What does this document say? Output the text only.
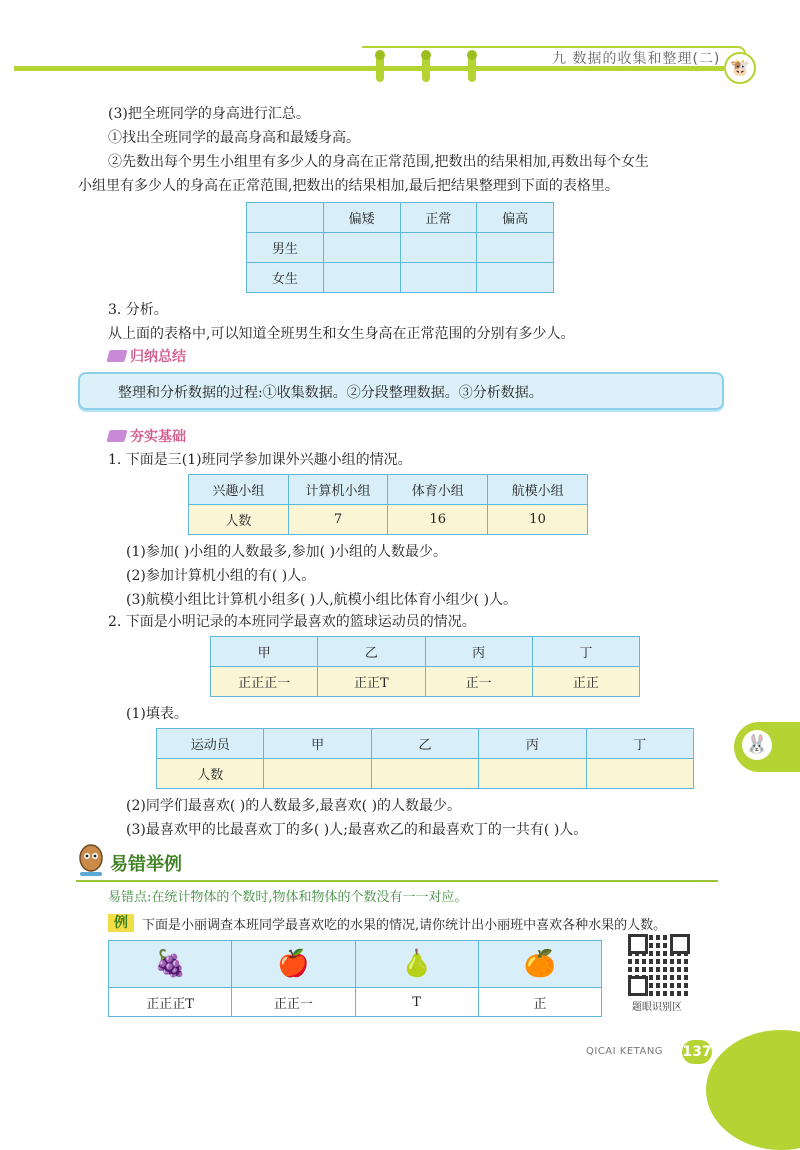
九 数据的收集和整理(二) 🐮
(3)把全班同学的身高进行汇总。
①找出全班同学的最高身高和最矮身高。
②先数出每个男生小组里有多少人的身高在正常范围,把数出的结果相加,再数出每个女生
小组里有多少人的身高在正常范围,把数出的结果相加,最后把结果整理到下面的表格里。
	偏矮	正常	偏高
男生			
女生			
3. 分析。
从上面的表格中,可以知道全班男生和女生身高在正常范围的分别有多少人。
归纳总结
整理和分析数据的过程:①收集数据。②分段整理数据。③分析数据。
夯实基础
1. 下面是三(1)班同学参加课外兴趣小组的情况。
兴趣小组	计算机小组	体育小组	航模小组
人数	7	16	10
(1)参加( )小组的人数最多,参加( )小组的人数最少。
(2)参加计算机小组的有( )人。
(3)航模小组比计算机小组多( )人,航模小组比体育小组少( )人。
2. 下面是小明记录的本班同学最喜欢的篮球运动员的情况。
甲	乙	丙	丁
正正正一	正正T	正一	正正
(1)填表。
运动员	甲	乙	丙	丁
人数				
(2)同学们最喜欢( )的人数最多,最喜欢( )的人数最少。
(3)最喜欢甲的比最喜欢丁的多( )人;最喜欢乙的和最喜欢丁的一共有( )人。
🐰
易错举例
易错点:在统计物体的个数时,物体和物体的个数没有一一对应。
例	下面是小丽调查本班同学最喜欢吃的水果的情况,请你统计出小丽班中喜欢各种水果的人数。
🍇	🍎	🍐	🍊
正正正T	正正一	T	正	题眼识别区
QICAI KETANG 137
